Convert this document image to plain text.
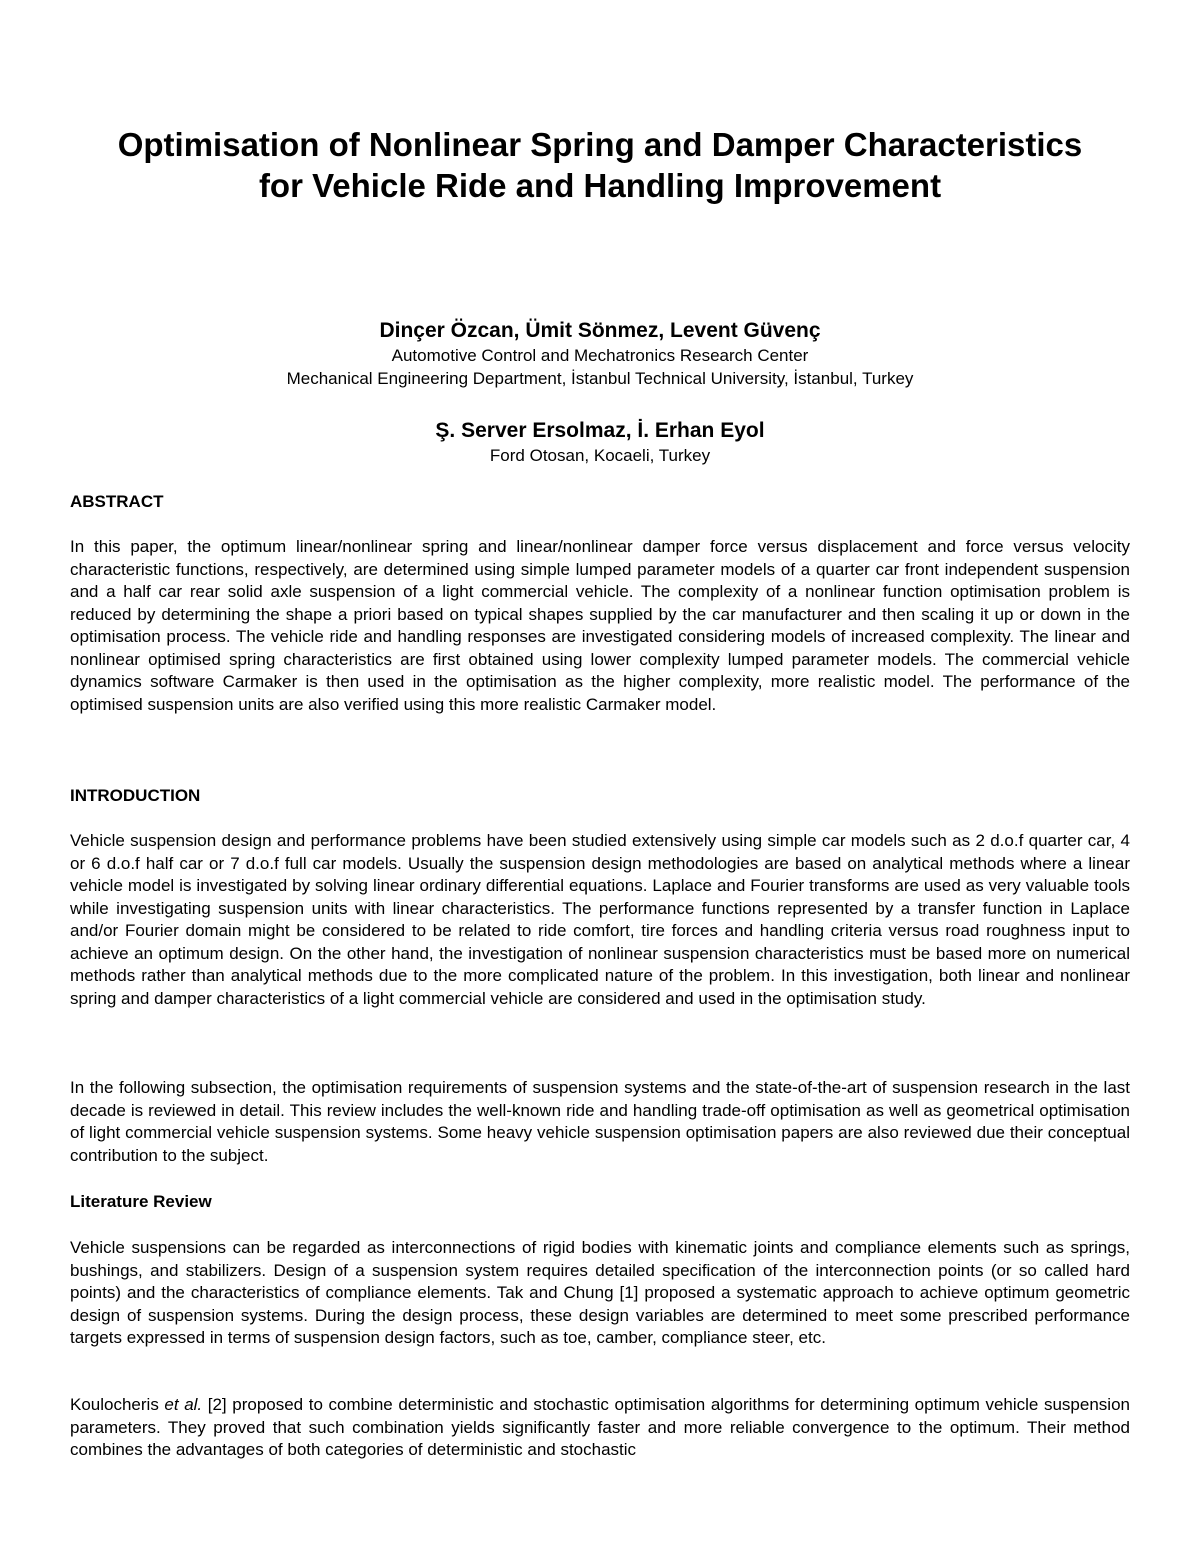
Optimisation of Nonlinear Spring and Damper Characteristics
for Vehicle Ride and Handling Improvement
Dinçer Özcan, Ümit Sönmez, Levent Güvenç
Automotive Control and Mechatronics Research Center
Mechanical Engineering Department, İstanbul Technical University, İstanbul, Turkey
Ş. Server Ersolmaz, İ. Erhan Eyol
Ford Otosan, Kocaeli, Turkey
ABSTRACT

In this paper, the optimum linear/nonlinear spring and linear/nonlinear damper force versus displacement and force versus velocity characteristic functions, respectively, are determined using simple lumped parameter models of a quarter car front independent suspension and a half car rear solid axle suspension of a light commercial vehicle. The complexity of a nonlinear function optimisation problem is reduced by determining the shape a priori based on typical shapes supplied by the car manufacturer and then scaling it up or down in the optimisation process. The vehicle ride and handling responses are investigated considering models of increased complexity. The linear and nonlinear optimised spring characteristics are first obtained using lower complexity lumped parameter models. The commercial vehicle dynamics software Carmaker is then used in the optimisation as the higher complexity, more realistic model. The performance of the optimised suspension units are also verified using this more realistic Carmaker model.

INTRODUCTION

Vehicle suspension design and performance problems have been studied extensively using simple car models such as 2 d.o.f quarter car, 4 or 6 d.o.f half car or 7 d.o.f full car models. Usually the suspension design methodologies are based on analytical methods where a linear vehicle model is investigated by solving linear ordinary differential equations. Laplace and Fourier transforms are used as very valuable tools while investigating suspension units with linear characteristics. The performance functions represented by a transfer function in Laplace and/or Fourier domain might be considered to be related to ride comfort, tire forces and handling criteria versus road roughness input to achieve an optimum design. On the other hand, the investigation of nonlinear suspension characteristics must be based more on numerical methods rather than analytical methods due to the more complicated nature of the problem. In this investigation, both linear and nonlinear spring and damper characteristics of a light commercial vehicle are considered and used in the optimisation study.

In the following subsection, the optimisation requirements of suspension systems and the state-of-the-art of suspension research in the last decade is reviewed in detail. This review includes the well-known ride and handling trade-off optimisation as well as geometrical optimisation of light commercial vehicle suspension systems. Some heavy vehicle suspension optimisation papers are also reviewed due their conceptual contribution to the subject.

Literature Review

Vehicle suspensions can be regarded as interconnections of rigid bodies with kinematic joints and compliance elements such as springs, bushings, and stabilizers. Design of a suspension system requires detailed specification of the interconnection points (or so called hard points) and the characteristics of compliance elements. Tak and Chung [1] proposed a systematic approach to achieve optimum geometric design of suspension systems. During the design process, these design variables are determined to meet some prescribed performance targets expressed in terms of suspension design factors, such as toe, camber, compliance steer, etc.

Koulocheris et al. [2] proposed to combine deterministic and stochastic optimisation algorithms for determining optimum vehicle suspension parameters. They proved that such combination yields significantly faster and more reliable convergence to the optimum. Their method combines the advantages of both categories of deterministic and stochastic
